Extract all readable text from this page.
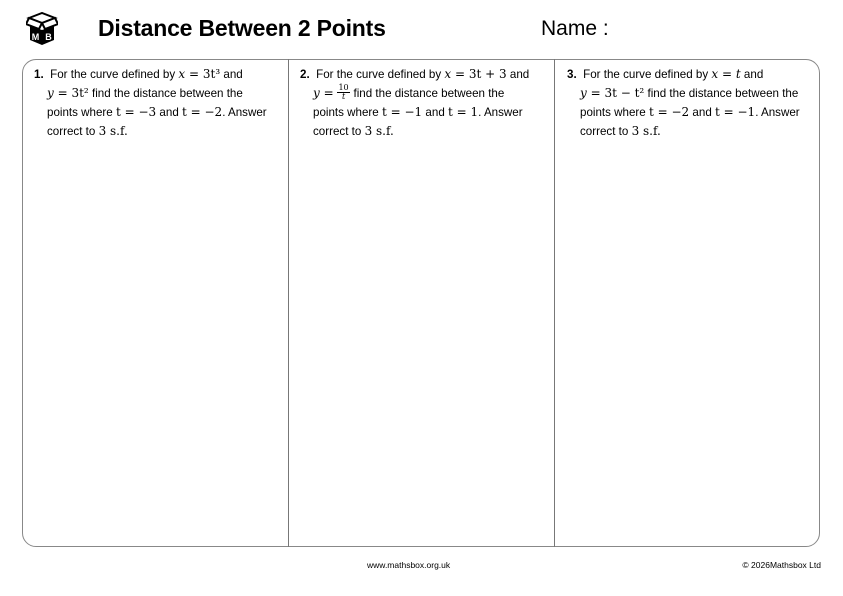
M B Distance Between 2 Points	Name :
1. For the curve defined by x = 3t³ and
y = 3t² find the distance between the
points where t = −3 and t = −2. Answer
correct to 3 s.f.
2. For the curve defined by x = 3t + 3 and
$y = \frac{10}{t}$ find the distance between the
points where t = −1 and t = 1. Answer
correct to 3 s.f.
3. For the curve defined by x = t and
y = 3t − t² find the distance between the
points where t = −2 and t = −1. Answer
correct to 3 s.f.
www.mathsbox.org.uk	© 2026Mathsbox Ltd
